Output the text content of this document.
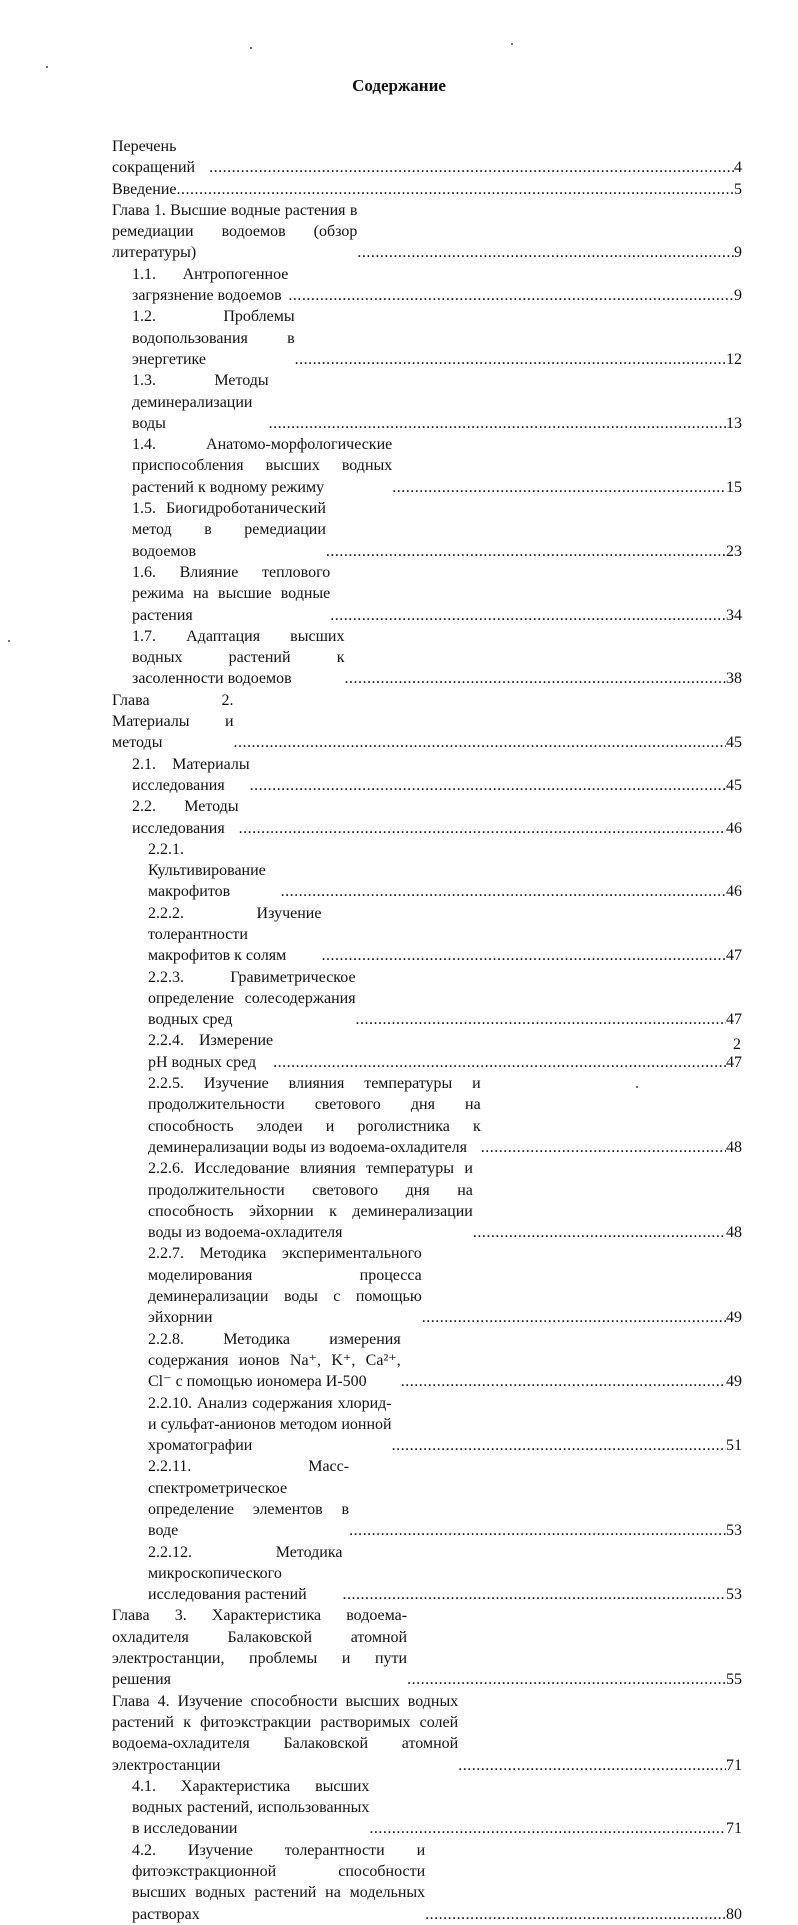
Содержание
Перечень сокращений .....	4
Введение .....	5
Глава 1. Высшие водные растения в ремедиации водоемов (обзор литературы) .....	9
1.1. Антропогенное загрязнение водоемов .....	9
1.2. Проблемы водопользования в энергетике .....	12
1.3. Методы деминерализации воды .....	13
1.4. Анатомо-морфологические приспособления высших водных растений к водному режиму .....	15
1.5. Биогидроботанический метод в ремедиации водоемов .....	23
1.6. Влияние теплового режима на высшие водные растения .....	34
1.7. Адаптация высших водных растений к засоленности водоемов .....	38
Глава 2. Материалы и методы .....	45
2.1. Материалы исследования .....	45
2.2. Методы исследования .....	46
2.2.1. Культивирование макрофитов .....	46
2.2.2. Изучение толерантности макрофитов к солям .....	47
2.2.3. Гравиметрическое определение солесодержания водных сред .....	47
2.2.4. Измерение pH водных сред .....	47
2.2.5. Изучение влияния температуры и продолжительности светового дня на способность элодеи и роголистника к деминерализации воды из водоема-охладителя .....	48
2.2.6. Исследование влияния температуры и продолжительности светового дня на способность эйхорнии к деминерализации воды из водоема-охладителя .....	48
2.2.7. Методика экспериментального моделирования процесса деминерализации воды с помощью эйхорнии .....	49
2.2.8. Методика измерения содержания ионов Na⁺, K⁺, Ca²⁺, Cl⁻ с помощью иономера И-500 .....	49
2.2.10. Анализ содержания хлорид- и сульфат-анионов методом ионной хроматографии .....	51
2.2.11. Масс-спектрометрическое определение элементов в воде .....	53
2.2.12. Методика микроскопического исследования растений .....	53
Глава 3. Характеристика водоема-охладителя Балаковской атомной электростанции, проблемы и пути решения .....	55
Глава 4. Изучение способности высших водных растений к фитоэкстракции растворимых солей водоема-охладителя Балаковской атомной электростанции .....	71
4.1. Характеристика высших водных растений, использованных в исследовании .....	71
4.2. Изучение толерантности и фитоэкстракционной способности высших водных растений на модельных растворах .....	80
2
